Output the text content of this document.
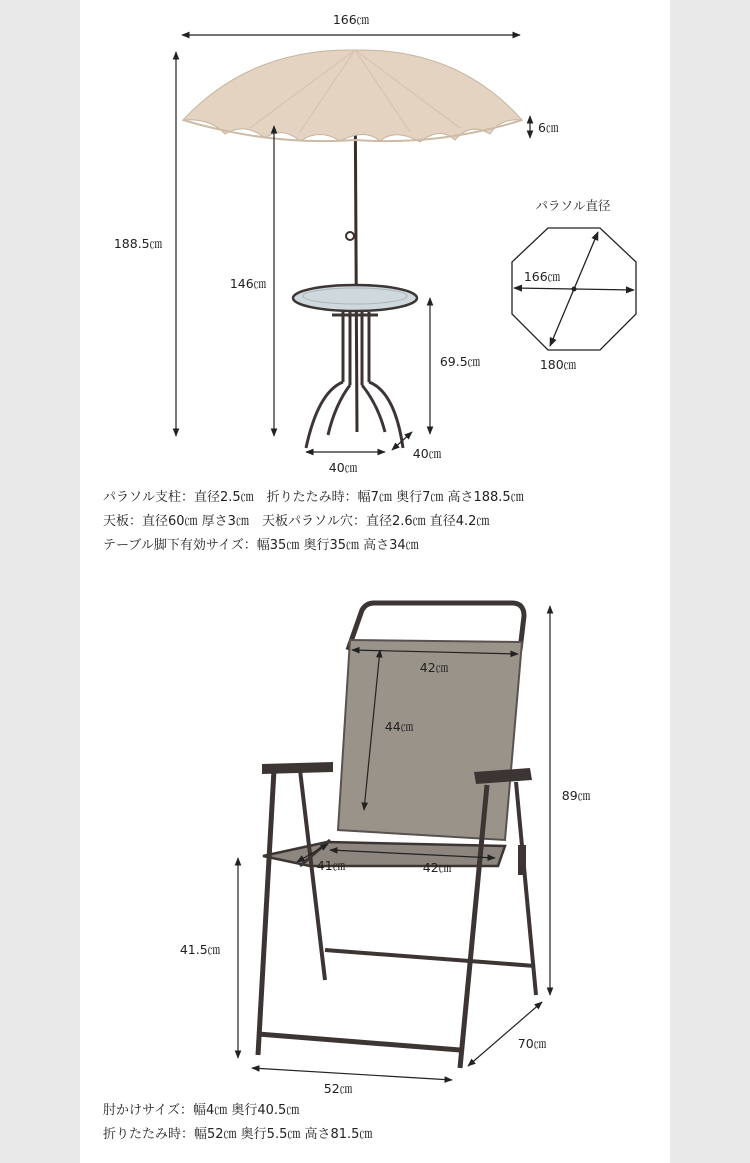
166㎝
188.5㎝
146㎝
6㎝
69.5㎝
40㎝
40㎝
パラソル直径
166㎝
180㎝
42㎝
44㎝
89㎝
41㎝	42㎝
41.5㎝
52㎝
70㎝
パラソル支柱：直径2.5㎝　折りたたみ時：幅7㎝ 奥行7㎝ 高さ188.5㎝
天板：直径60㎝ 厚さ3㎝　天板パラソル穴：直径2.6㎝ 直径4.2㎝
テーブル脚下有効サイズ：幅35㎝ 奥行35㎝ 高さ34㎝
肘かけサイズ：幅4㎝ 奥行40.5㎝
折りたたみ時：幅52㎝ 奥行5.5㎝ 高さ81.5㎝
